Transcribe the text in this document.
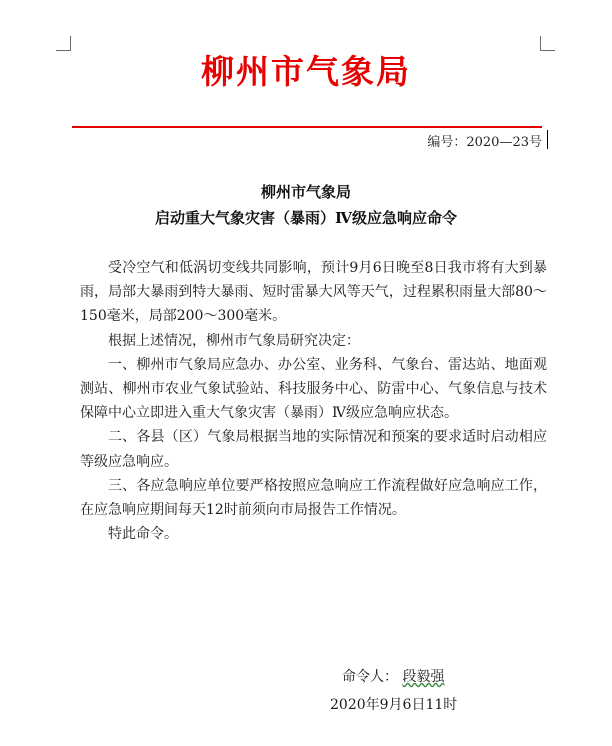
柳州市气象局
编号：2020—23号
柳州市气象局
启动重大气象灾害（暴雨）Ⅳ级应急响应命令

受冷空气和低涡切变线共同影响，预计9月6日晚至8日我市将有大到暴雨，局部大暴雨到特大暴雨、短时雷暴大风等天气，过程累积雨量大部80～150毫米，局部200～300毫米。

根据上述情况，柳州市气象局研究决定：

一、柳州市气象局应急办、办公室、业务科、气象台、雷达站、地面观测站、柳州市农业气象试验站、科技服务中心、防雷中心、气象信息与技术保障中心立即进入重大气象灾害（暴雨）Ⅳ级应急响应状态。

二、各县（区）气象局根据当地的实际情况和预案的要求适时启动相应等级应急响应。

三、各应急响应单位要严格按照应急响应工作流程做好应急响应工作，在应急响应期间每天12时前须向市局报告工作情况。

特此命令。

命令人： 段毅强
2020年9月6日11时
